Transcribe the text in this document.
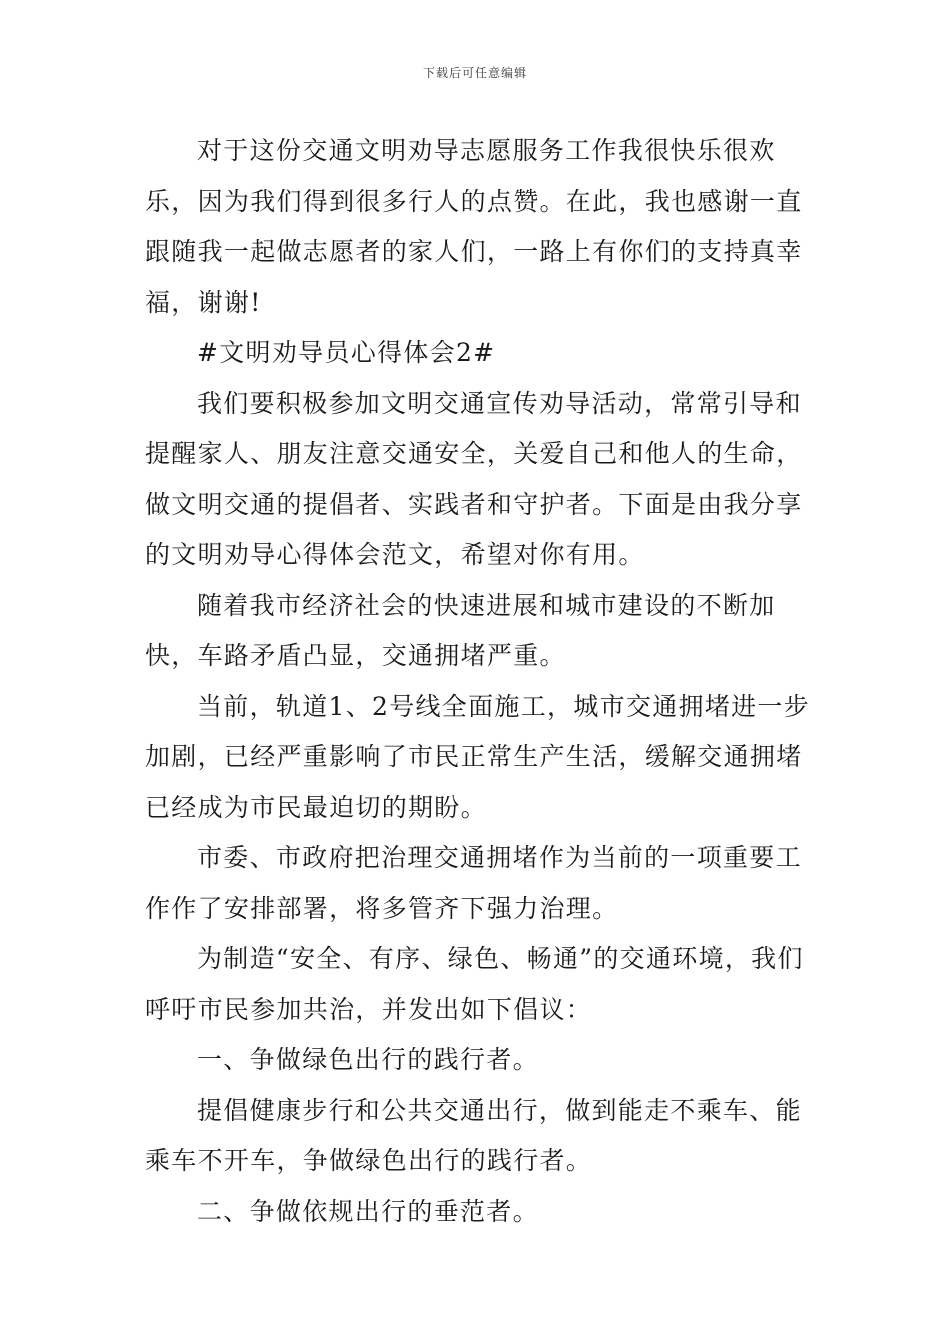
下载后可任意编辑

对于这份交通文明劝导志愿服务工作我很快乐很欢乐，因为我们得到很多行人的点赞。在此，我也感谢一直跟随我一起做志愿者的家人们，一路上有你们的支持真幸福，谢谢!

#文明劝导员心得体会2#

我们要积极参加文明交通宣传劝导活动，常常引导和提醒家人、朋友注意交通安全，关爱自己和他人的生命，做文明交通的提倡者、实践者和守护者。下面是由我分享的文明劝导心得体会范文，希望对你有用。

随着我市经济社会的快速进展和城市建设的不断加快，车路矛盾凸显，交通拥堵严重。

当前，轨道1、2号线全面施工，城市交通拥堵进一步加剧，已经严重影响了市民正常生产生活，缓解交通拥堵已经成为市民最迫切的期盼。

市委、市政府把治理交通拥堵作为当前的一项重要工作作了安排部署，将多管齐下强力治理。

为制造“安全、有序、绿色、畅通”的交通环境，我们呼吁市民参加共治，并发出如下倡议：

一、争做绿色出行的践行者。

提倡健康步行和公共交通出行，做到能走不乘车、能乘车不开车，争做绿色出行的践行者。

二、争做依规出行的垂范者。
